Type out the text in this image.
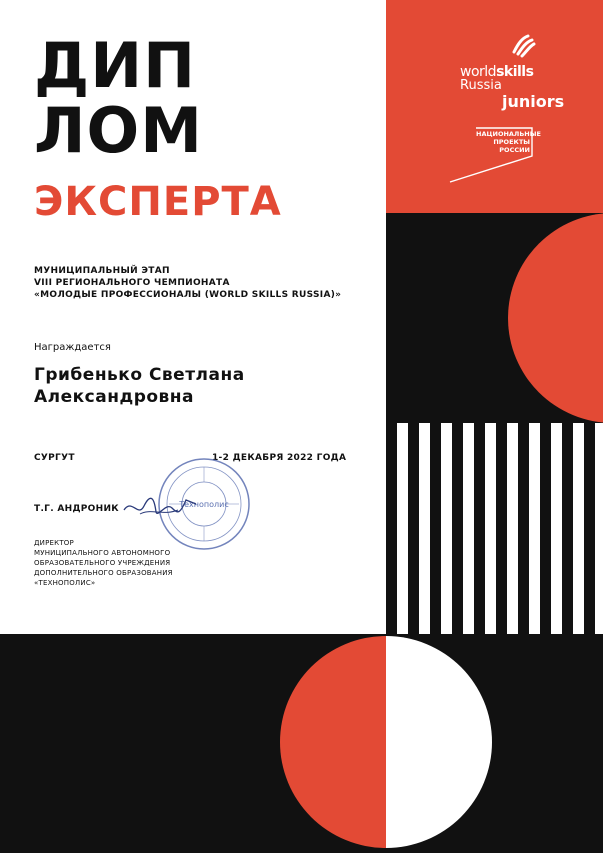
ДИП
ЛОМ
ЭКСПЕРТА
МУНИЦИПАЛЬНЫЙ ЭТАП
VIII РЕГИОНАЛЬНОГО ЧЕМПИОНАТА
«МОЛОДЫЕ ПРОФЕССИОНАЛЫ (WORLD SKILLS RUSSIA)»
Награждается
Грибенько Светлана
Александровна
СУРГУТ	1-2 ДЕКАБРЯ 2022 ГОДА
Технополис
Т.Г. АНДРОНИК
ДИРЕКТОР
МУНИЦИПАЛЬНОГО АВТОНОМНОГО
ОБРАЗОВАТЕЛЬНОГО УЧРЕЖДЕНИЯ
ДОПОЛНИТЕЛЬНОГО ОБРАЗОВАНИЯ
«ТЕХНОПОЛИС»
worldskills
Russia
juniors
НАЦИОНАЛЬНЫЕ
ПРОЕКТЫ
РОССИИ
